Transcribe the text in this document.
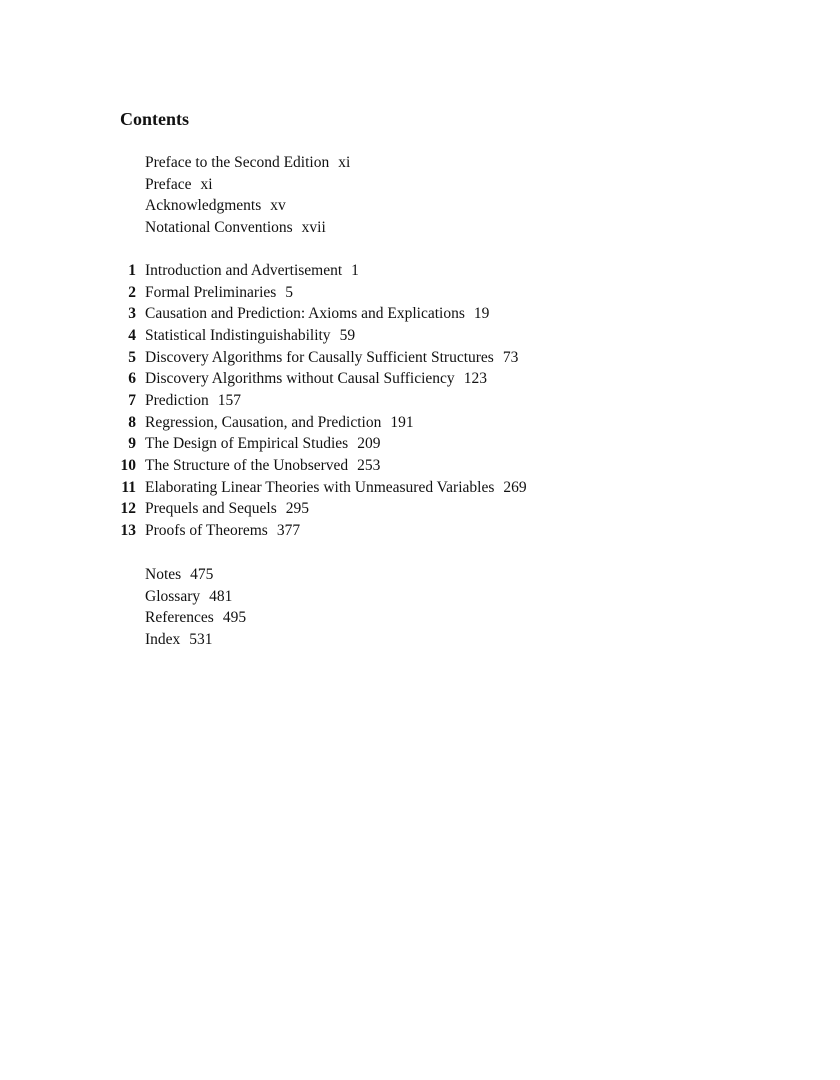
Contents
Preface to the Second Edition xi
Preface xi
Acknowledgments xv
Notational Conventions xvii
1 Introduction and Advertisement 1
2 Formal Preliminaries 5
3 Causation and Prediction: Axioms and Explications 19
4 Statistical Indistinguishability 59
5 Discovery Algorithms for Causally Sufficient Structures 73
6 Discovery Algorithms without Causal Sufficiency 123
7 Prediction 157
8 Regression, Causation, and Prediction 191
9 The Design of Empirical Studies 209
10 The Structure of the Unobserved 253
11 Elaborating Linear Theories with Unmeasured Variables 269
12 Prequels and Sequels 295
13 Proofs of Theorems 377
Notes 475
Glossary 481
References 495
Index 531
